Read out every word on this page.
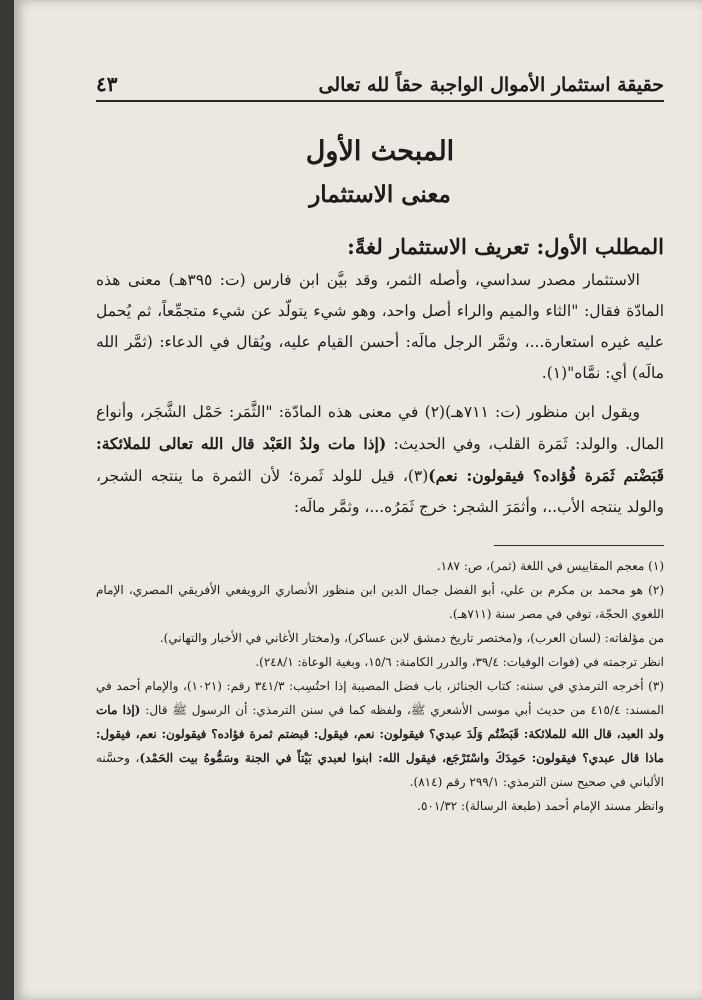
حقيقة استثمار الأموال الواجبة حقاً لله تعالى
٤٣
المبحث الأول
معنى الاستثمار
المطلب الأول: تعريف الاستثمار لغةً:

الاستثمار مصدر سداسي، وأصله الثمر، وقد بيَّن ابن فارس (ت: ٣٩٥هـ) معنى هذه المادّة فقال: "الثاء والميم والراء أصل واحد، وهو شيء يتولّد عن شيء متجمِّعاً، ثم يُحمل عليه غيره استعارة...، وثمَّر الرجل مالَه: أحسن القيام عليه، ويُقال في الدعاء: (ثمَّر الله مالَه) أي: نمَّاه"(١).

ويقول ابن منظور (ت: ٧١١هـ)(٢) في معنى هذه المادّة: "الثَّمَر: حَمْل الشَّجَر، وأنواع المال. والولد: ثَمَرة القلب، وفي الحديث: (إذا مات ولدُ العَبْد قال الله تعالى للملائكة: قَبَضْتم ثَمَرة فُؤاده؟ فيقولون: نعم)(٣)، قيل للولد ثَمرة؛ لأن الثمرة ما ينتجه الشجر، والولد ينتجه الأب..، وأثمَرَ الشجر: خرج ثَمَرُه...، وثمَّر مالَه:

(١) معجم المقاييس في اللغة (ثمر)، ص: ١٨٧.

(٢) هو محمد بن مكرم بن علي، أبو الفضل جمال الدين ابن منظور الأنصاري الرويفعي الأفريقي المصري، الإمام اللغوي الحجّة، توفي في مصر سنة (٧١١هـ).

من مؤلفاته: (لسان العرب)، و(مختصر تاريخ دمشق لابن عساكر)، و(مختار الأغاني في الأخبار والتهاني).

انظر ترجمته في (فوات الوفيات: ٣٩/٤، والدرر الكامنة: ١٥/٦، وبغية الوعاة: ٢٤٨/١).

(٣) أخرجه الترمذي في سننه: كتاب الجنائز، باب فضل المصيبة إذا احتُسِب: ٣٤١/٣ رقم: (١٠٢١)، والإمام أحمد في المسند: ٤١٥/٤ من حديث أبي موسى الأشعري ﷺ، ولفظه كما في سنن الترمذي: أن الرسول ﷺ قال: (إذا مات ولد العبد، قال الله للملائكة: قَبَضْتُم وَلَدَ عبدي؟ فيقولون: نعم، فيقول: قبضتم ثمرة فؤاده؟ فيقولون: نعم، فيقول: ماذا قال عبدي؟ فيقولون: حَمِدَكَ واسْتَرْجَع، فيقول الله: ابنوا لعبدي بَيْتاً في الجنة وسَمُّوهُ بيت الحَمْد)، وحسَّنه الألباني في صحيح سنن الترمذي: ٢٩٩/١ رقم (٨١٤).

وانظر مسند الإمام أحمد (طبعة الرسالة): ٥٠١/٣٢.
